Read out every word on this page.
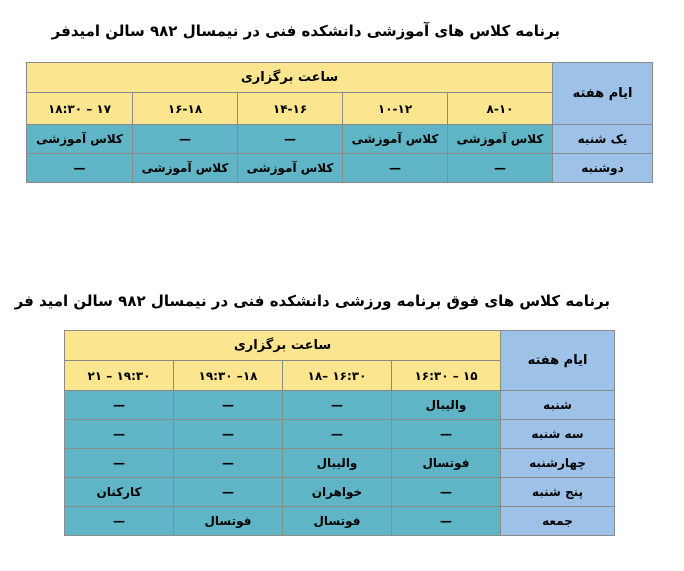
برنامه کلاس های آموزشی دانشکده فنی در نیمسال ۹۸۲ سالن امیدفر
ایام هفته	ساعت برگزاری				
	۸-۱۰	۱۰-۱۲	۱۴-۱۶	۱۶-۱۸	۱۷ – ۱۸:۳۰
یک شنبه	کلاس آموزشی	کلاس آموزشی	—	—	کلاس آموزشی
دوشنبه	—	—	کلاس آموزشی	کلاس آموزشی	—
برنامه کلاس های فوق برنامه ورزشی دانشکده فنی در نیمسال ۹۸۲ سالن امید فر
ایام هفته	ساعت برگزاری			
	۱۵ – ۱۶:۳۰	۱۶:۳۰ –۱۸	۱۸– ۱۹:۳۰	۱۹:۳۰ – ۲۱
شنبه	والیبال	—	—	—
سه شنبه	—	—	—	—
چهارشنبه	فوتسال	والیبال	—	—
پنج شنبه	—	خواهران	—	کارکنان
جمعه	—	فوتسال	فوتسال	—
